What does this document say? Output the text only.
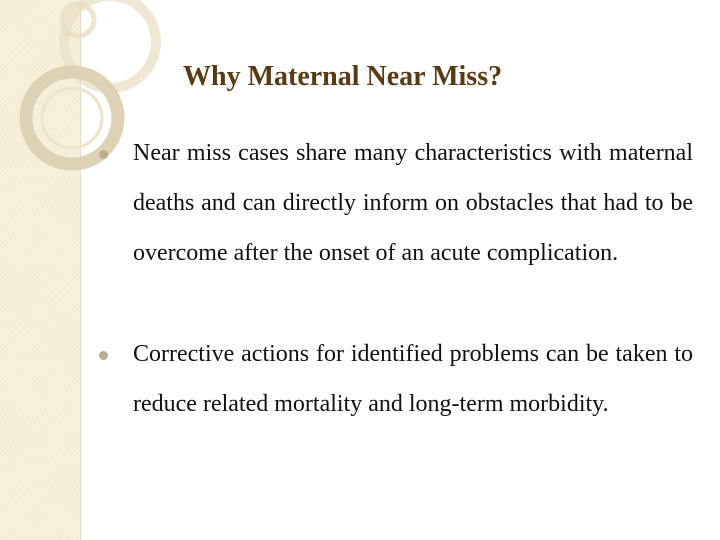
Why Maternal Near Miss?
Near miss cases share many characteristics with maternal deaths and can directly inform on obstacles that had to be overcome after the onset of an acute complication.
Corrective actions for identified problems can be taken to reduce related mortality and long-term morbidity.
